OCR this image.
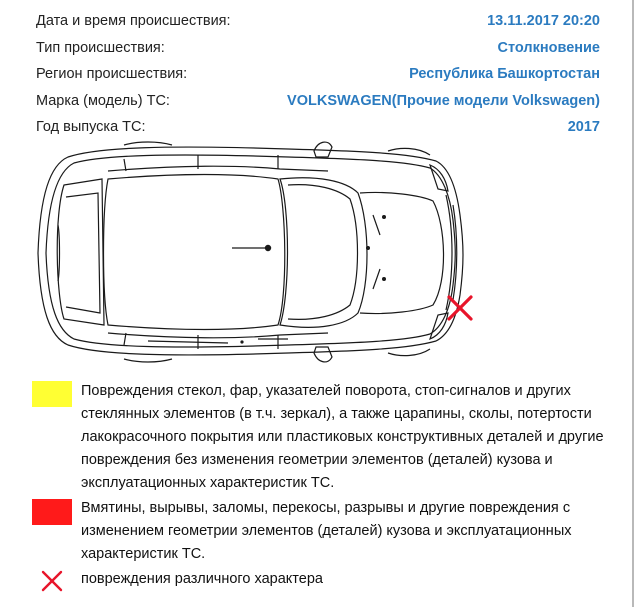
Дата и время происшествия:	13.11.2017 20:20
Тип происшествия:	Столкновение
Регион происшествия:	Республика Башкортостан
Марка (модель) ТС:	VOLKSWAGEN(Прочие модели Volkswagen)
Год выпуска ТС:	2017
Повреждения стекол, фар, указателей поворота, стоп-сигналов и других стеклянных элементов (в т.ч. зеркал), а также царапины, сколы, потертости лакокрасочного покрытия или пластиковых конструктивных деталей и другие повреждения без изменения геометрии элементов (деталей) кузова и эксплуатационных характеристик ТС.
Вмятины, вырывы, заломы, перекосы, разрывы и другие повреждения с изменением геометрии элементов (деталей) кузова и эксплуатационных характеристик ТС.
повреждения различного характера
